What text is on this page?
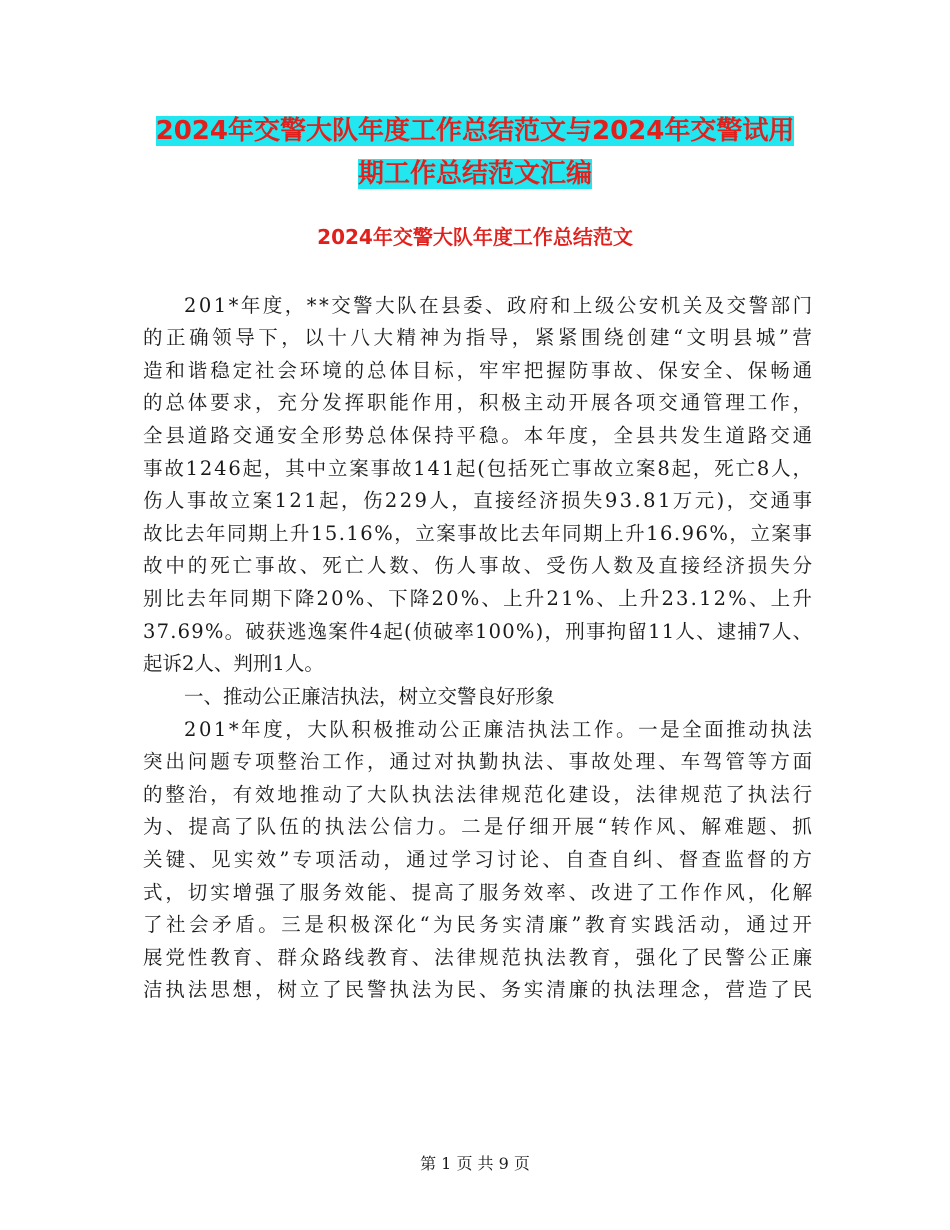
2024年交警大队年度工作总结范文与2024年交警试用
期工作总结范文汇编
2024年交警大队年度工作总结范文
201*年度，**交警大队在县委、政府和上级公安机关及交警部门
的正确领导下，以十八大精神为指导，紧紧围绕创建“文明县城”营
造和谐稳定社会环境的总体目标，牢牢把握防事故、保安全、保畅通
的总体要求，充分发挥职能作用，积极主动开展各项交通管理工作，
全县道路交通安全形势总体保持平稳。本年度，全县共发生道路交通
事故1246起，其中立案事故141起(包括死亡事故立案8起，死亡8人，
伤人事故立案121起，伤229人，直接经济损失93.81万元)，交通事
故比去年同期上升15.16%，立案事故比去年同期上升16.96%，立案事
故中的死亡事故、死亡人数、伤人事故、受伤人数及直接经济损失分
别比去年同期下降20%、下降20%、上升21%、上升23.12%、上升
37.69%。破获逃逸案件4起(侦破率100%)，刑事拘留11人、逮捕7人、
起诉2人、判刑1人。
一、推动公正廉洁执法，树立交警良好形象
201*年度，大队积极推动公正廉洁执法工作。一是全面推动执法
突出问题专项整治工作，通过对执勤执法、事故处理、车驾管等方面
的整治，有效地推动了大队执法法律规范化建设，法律规范了执法行
为、提高了队伍的执法公信力。二是仔细开展“转作风、解难题、抓
关键、见实效”专项活动，通过学习讨论、自查自纠、督查监督的方
式，切实增强了服务效能、提高了服务效率、改进了工作作风，化解
了社会矛盾。三是积极深化“为民务实清廉”教育实践活动，通过开
展党性教育、群众路线教育、法律规范执法教育，强化了民警公正廉
洁执法思想，树立了民警执法为民、务实清廉的执法理念，营造了民
第 1 页 共 9 页
